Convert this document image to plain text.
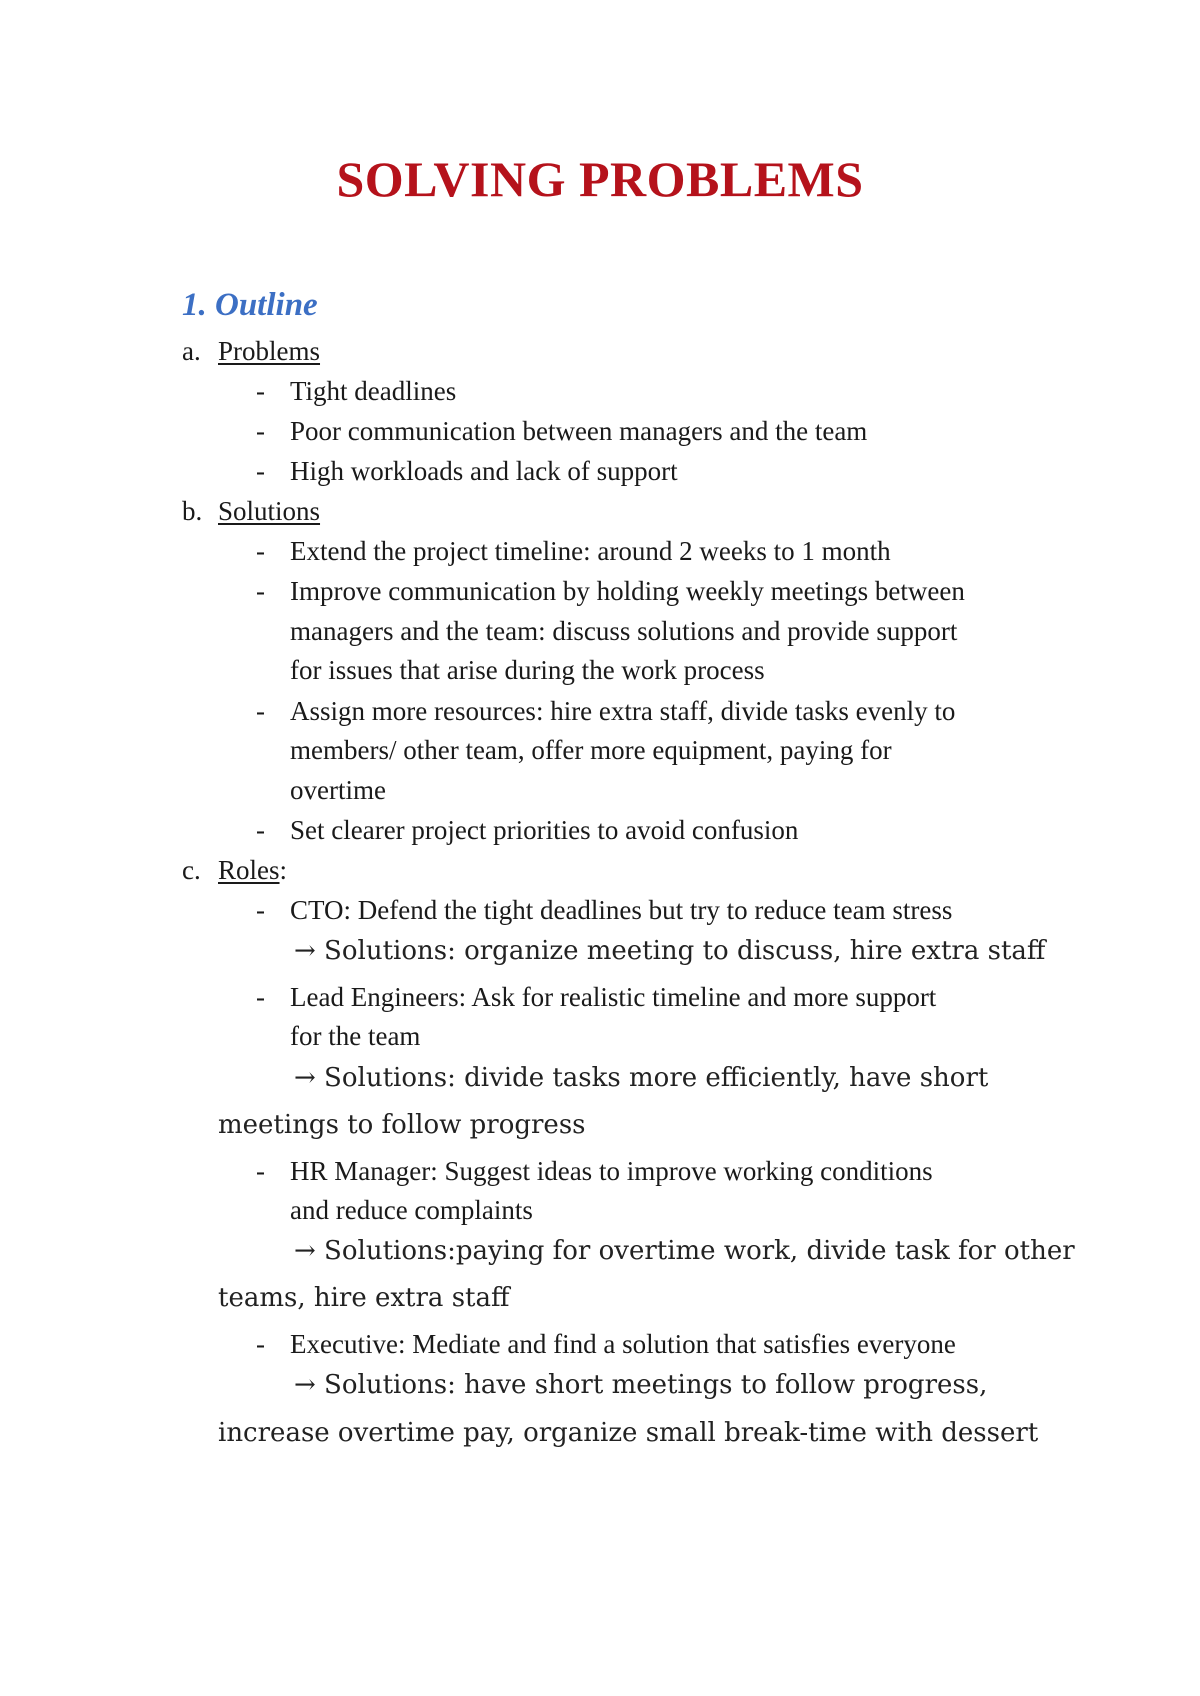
SOLVING PROBLEMS
1. Outline
a. Problems
- Tight deadlines
- Poor communication between managers and the team
- High workloads and lack of support
b. Solutions
- Extend the project timeline: around 2 weeks to 1 month
- Improve communication by holding weekly meetings between
managers and the team: discuss solutions and provide support
for issues that arise during the work process
- Assign more resources: hire extra staff, divide tasks evenly to
members/ other team, offer more equipment, paying for
overtime
- Set clearer project priorities to avoid confusion
c. Roles:
- CTO: Defend the tight deadlines but try to reduce team stress
→ Solutions: organize meeting to discuss, hire extra staff
- Lead Engineers: Ask for realistic timeline and more support
for the team
→ Solutions: divide tasks more efficiently, have short
meetings to follow progress
- HR Manager: Suggest ideas to improve working conditions
and reduce complaints
→ Solutions:paying for overtime work, divide task for other
teams, hire extra staff
- Executive: Mediate and find a solution that satisfies everyone
→ Solutions: have short meetings to follow progress,
increase overtime pay, organize small break-time with dessert
